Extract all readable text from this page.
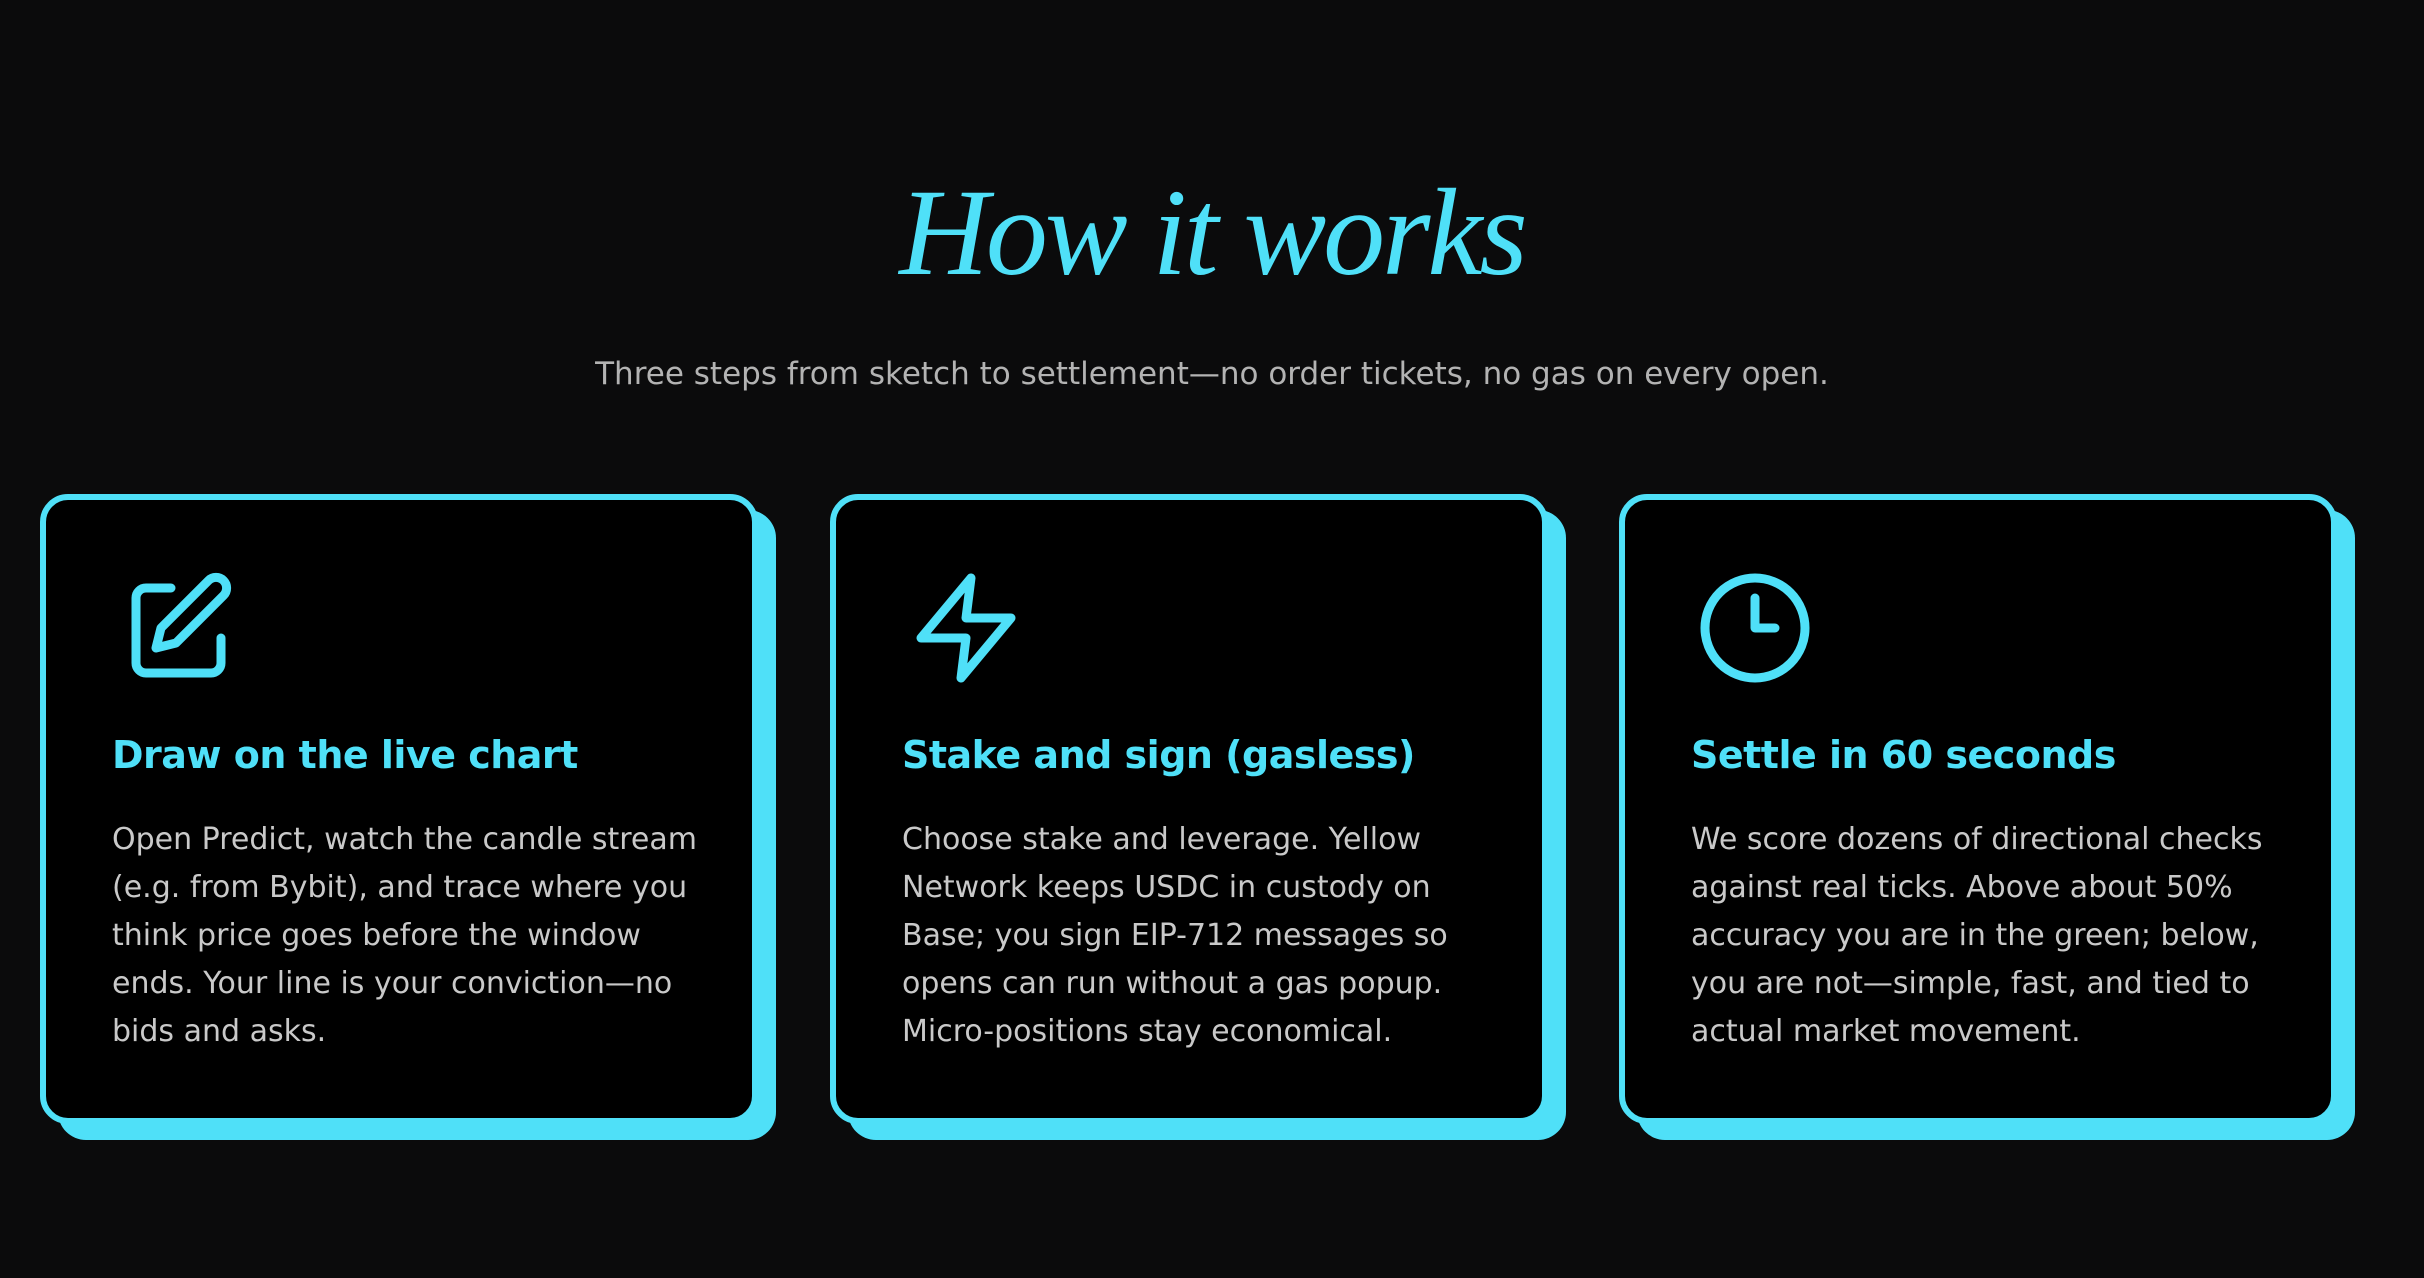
How it works

Three steps from sketch to settlement—no order tickets, no gas on every open.

Draw on the live chart

Open Predict, watch the candle stream (e.g. from Bybit), and trace where you think price goes before the window ends. Your line is your conviction—no bids and asks.

Stake and sign (gasless)

Choose stake and leverage. Yellow Network keeps USDC in custody on Base; you sign EIP-712 messages so opens can run without a gas popup. Micro-positions stay economical.

Settle in 60 seconds

We score dozens of directional checks against real ticks. Above about 50% accuracy you are in the green; below, you are not—simple, fast, and tied to actual market movement.
